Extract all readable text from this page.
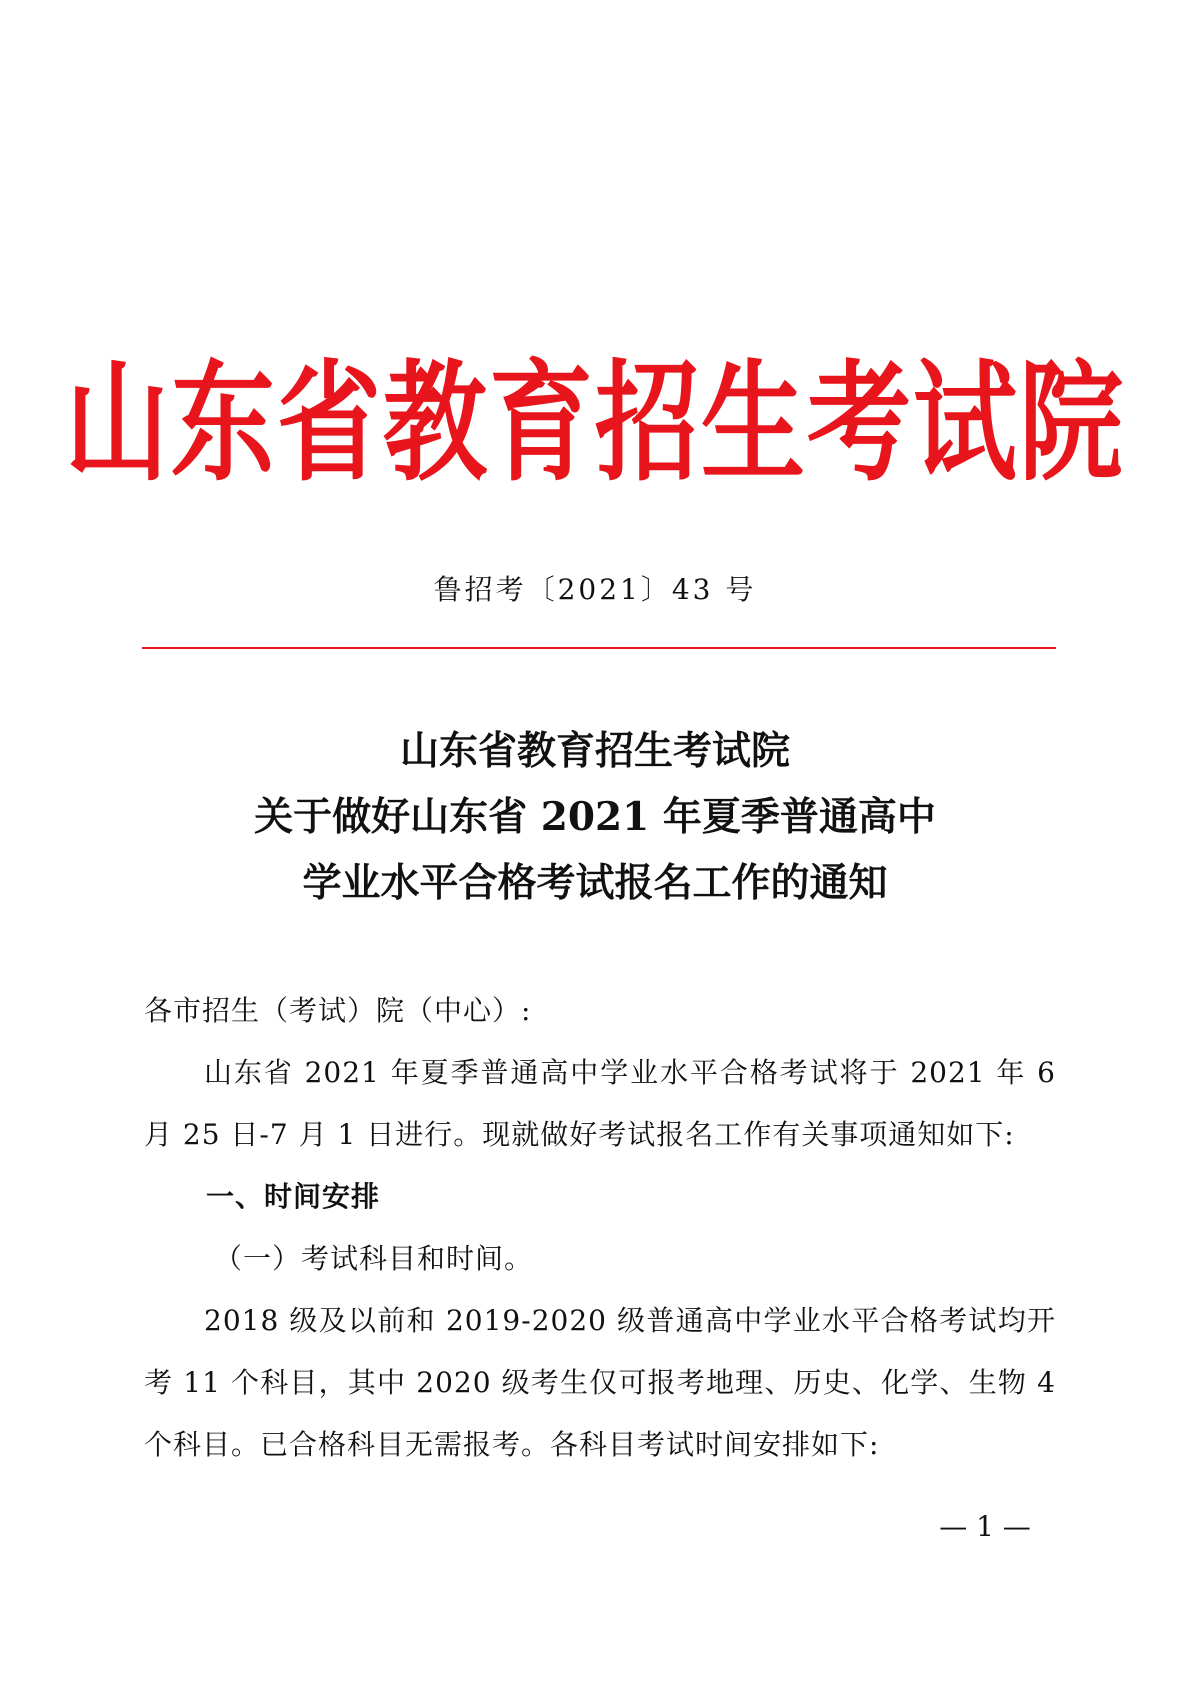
山东省教育招生考试院
鲁招考〔2021〕43 号
山东省教育招生考试院
关于做好山东省 2021 年夏季普通高中
学业水平合格考试报名工作的通知

各市招生（考试）院（中心）:

山东省 2021 年夏季普通高中学业水平合格考试将于 2021 年 6 月 25 日-7 月 1 日进行。现就做好考试报名工作有关事项通知如下:

一、时间安排

（一）考试科目和时间。

2018 级及以前和 2019-2020 级普通高中学业水平合格考试均开考 11 个科目，其中 2020 级考生仅可报考地理、历史、化学、生物 4 个科目。已合格科目无需报考。各科目考试时间安排如下:

— 1 —
